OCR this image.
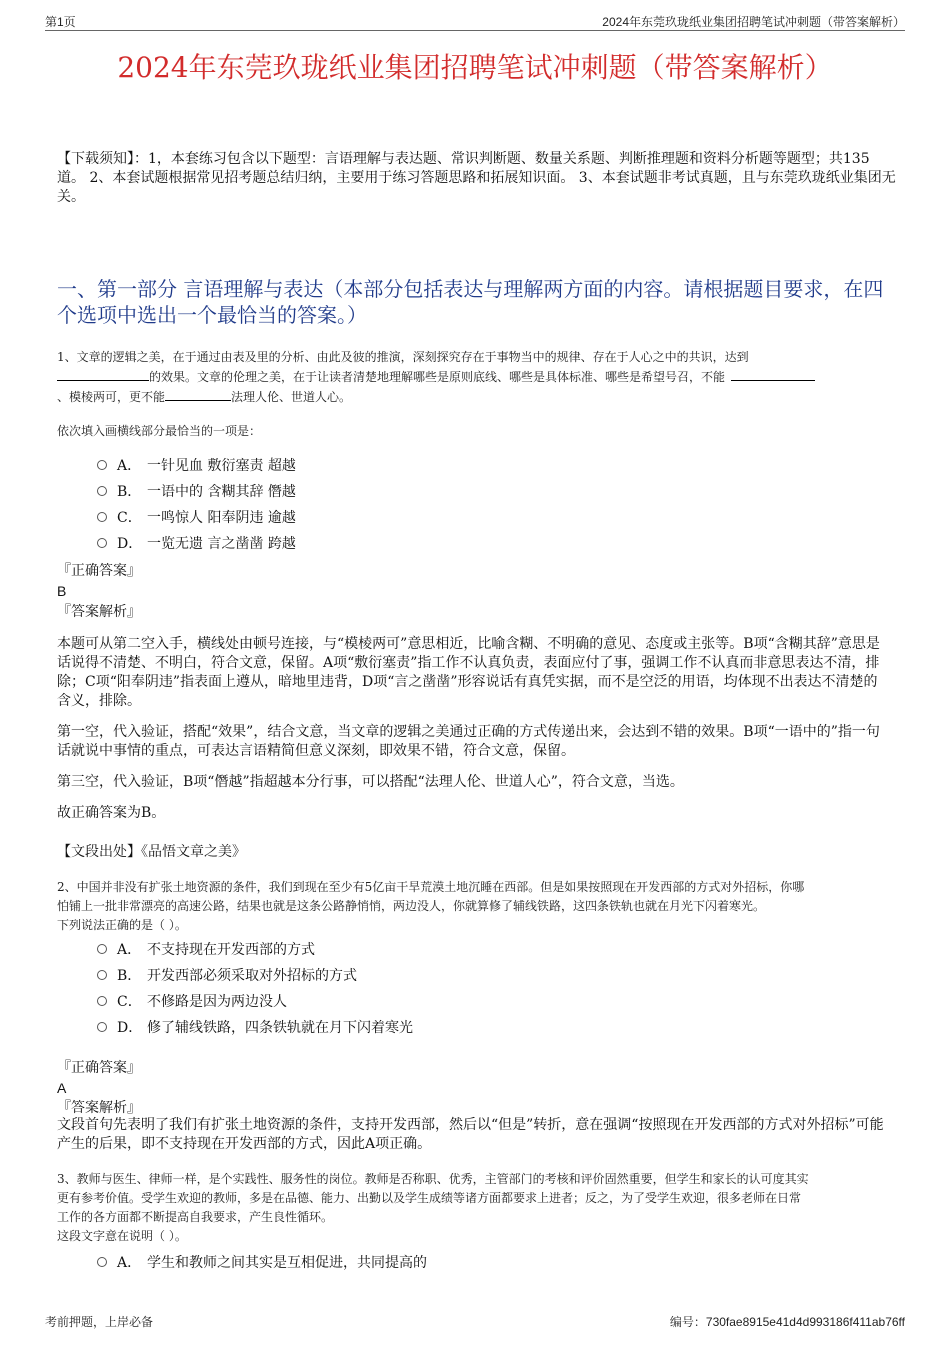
第1页	2024年东莞玖珑纸业集团招聘笔试冲刺题（带答案解析）
2024年东莞玖珑纸业集团招聘笔试冲刺题（带答案解析）
【下载须知】：1，本套练习包含以下题型：言语理解与表达题、常识判断题、数量关系题、判断推理题和资料分析题等题型；共135道。 2、本套试题根据常见招考题总结归纳，主要用于练习答题思路和拓展知识面。 3、本套试题非考试真题，且与东莞玖珑纸业集团无关。
一、第一部分 言语理解与表达（本部分包括表达与理解两方面的内容。请根据题目要求，在四个选项中选出一个最恰当的答案。）
1、文章的逻辑之美，在于通过由表及里的分析、由此及彼的推演，深刻探究存在于事物当中的规律、存在于人心之中的共识，达到
的效果。文章的伦理之美，在于让读者清楚地理解哪些是原则底线、哪些是具体标准、哪些是希望号召，不能
、模棱两可，更不能	法理人伦、世道人心。
依次填入画横线部分最恰当的一项是：
A． 一针见血 敷衍塞责 超越
B． 一语中的 含糊其辞 僭越
C． 一鸣惊人 阳奉阴违 逾越
D． 一览无遗 言之凿凿 跨越
『正确答案』
B
『答案解析』

本题可从第二空入手，横线处由顿号连接，与“模棱两可”意思相近，比喻含糊、不明确的意见、态度或主张等。B项“含糊其辞”意思是话说得不清楚、不明白，符合文意，保留。A项“敷衍塞责”指工作不认真负责，表面应付了事，强调工作不认真而非意思表达不清，排除；C项“阳奉阴违”指表面上遵从，暗地里违背，D项“言之凿凿”形容说话有真凭实据，而不是空泛的用语，均体现不出表达不清楚的含义，排除。

第一空，代入验证，搭配“效果”，结合文意，当文章的逻辑之美通过正确的方式传递出来，会达到不错的效果。B项“一语中的”指一句话就说中事情的重点，可表达言语精简但意义深刻，即效果不错，符合文意，保留。

第三空，代入验证，B项“僭越”指超越本分行事，可以搭配“法理人伦、世道人心”，符合文意，当选。

故正确答案为B。

【文段出处】《品悟文章之美》
2、中国并非没有扩张土地资源的条件，我们到现在至少有5亿亩干旱荒漠土地沉睡在西部。但是如果按照现在开发西部的方式对外招标，你哪
怕铺上一批非常漂亮的高速公路，结果也就是这条公路静悄悄，两边没人，你就算修了辅线铁路，这四条铁轨也就在月光下闪着寒光。
下列说法正确的是（ ）。
A． 不支持现在开发西部的方式
B． 开发西部必须采取对外招标的方式
C． 不修路是因为两边没人
D． 修了辅线铁路，四条铁轨就在月下闪着寒光
『正确答案』
A
『答案解析』
文段首句先表明了我们有扩张土地资源的条件，支持开发西部，然后以“但是”转折，意在强调“按照现在开发西部的方式对外招标”可能产生的后果，即不支持现在开发西部的方式，因此A项正确。
3、教师与医生、律师一样，是个实践性、服务性的岗位。教师是否称职、优秀，主管部门的考核和评价固然重要，但学生和家长的认可度其实
更有参考价值。受学生欢迎的教师，多是在品德、能力、出勤以及学生成绩等诸方面都要求上进者；反之，为了受学生欢迎，很多老师在日常
工作的各方面都不断提高自我要求，产生良性循环。
这段文字意在说明（ ）。
A． 学生和教师之间其实是互相促进，共同提高的
考前押题，上岸必备	编号：730fae8915e41d4d993186f411ab76ff
